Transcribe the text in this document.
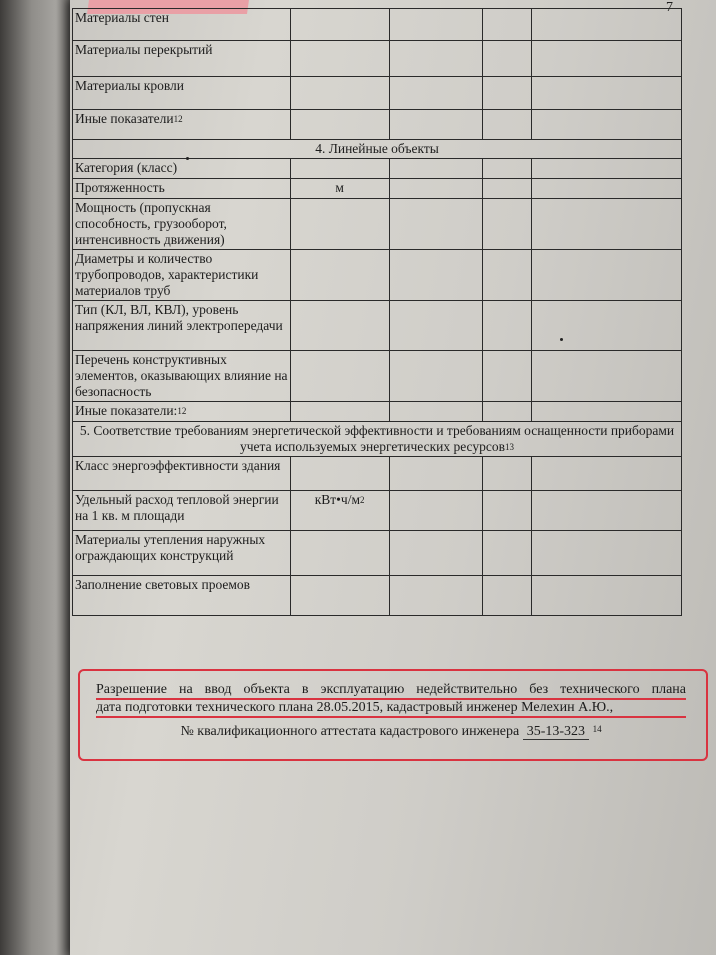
7
Материалы стен				
Материалы перекрытий				
Материалы кровли				
Иные показатели$^{12}$				
4. Линейные объекты				
Категория (класс)				
Протяженность	м			
Мощность (пропускная способность, грузооборот, интенсивность движения)				
Диаметры и количество трубопроводов, характеристики материалов труб				
Тип (КЛ, ВЛ, КВЛ), уровень напряжения линий электропередачи				
Перечень конструктивных элементов, оказывающих влияние на безопасность				
Иные показатели:$^{12}$				
5. Соответствие требованиям энергетической эффективности и требованиям оснащенности приборами учета используемых энергетических ресурсов$^{13}$
Класс энергоэффективности здания				
Удельный расход тепловой энергии на 1 кв. м площади	$кВт•ч/м^2$			
Материалы утепления наружных ограждающих конструкций				
Заполнение световых проемов				
Разрешение на ввод объекта в эксплуатацию недействительно без технического плана
дата подготовки технического плана 28.05.2015, кадастровый инженер Мелехин А.Ю.,
№ квалификационного аттестата кадастрового инженера 35-13-323 $^{14}$
